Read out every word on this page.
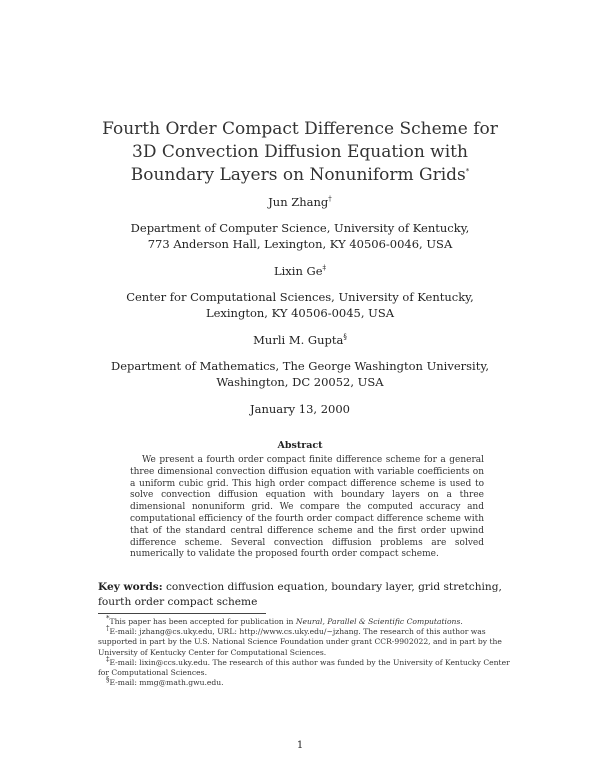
Fourth Order Compact Difference Scheme for
3D Convection Diffusion Equation with
Boundary Layers on Nonuniform Grids*
Jun Zhang†
Department of Computer Science, University of Kentucky,
773 Anderson Hall, Lexington, KY 40506-0046, USA
Lixin Ge‡
Center for Computational Sciences, University of Kentucky,
Lexington, KY 40506-0045, USA
Murli M. Gupta§
Department of Mathematics, The George Washington University,
Washington, DC 20052, USA
January 13, 2000
Abstract

We present a fourth order compact finite difference scheme for a general three dimensional convection diffusion equation with variable coefficients on a uniform cubic grid. This high order compact difference scheme is used to solve convection diffusion equation with boundary layers on a three dimensional nonuniform grid. We compare the computed accuracy and computational efficiency of the fourth order compact difference scheme with that of the standard central difference scheme and the first order upwind difference scheme. Several convection diffusion problems are solved numerically to validate the proposed fourth order compact scheme.

Key words: convection diffusion equation, boundary layer, grid stretching, fourth order compact scheme

*This paper has been accepted for publication in Neural, Parallel & Scientific Computations.

†E-mail: jzhang@cs.uky.edu, URL: http://www.cs.uky.edu/~jzhang. The research of this author was supported in part by the U.S. National Science Foundation under grant CCR-9902022, and in part by the University of Kentucky Center for Computational Sciences.

‡E-mail: lixin@ccs.uky.edu. The research of this author was funded by the University of Kentucky Center for Computational Sciences.

§E-mail: mmg@math.gwu.edu.

1
